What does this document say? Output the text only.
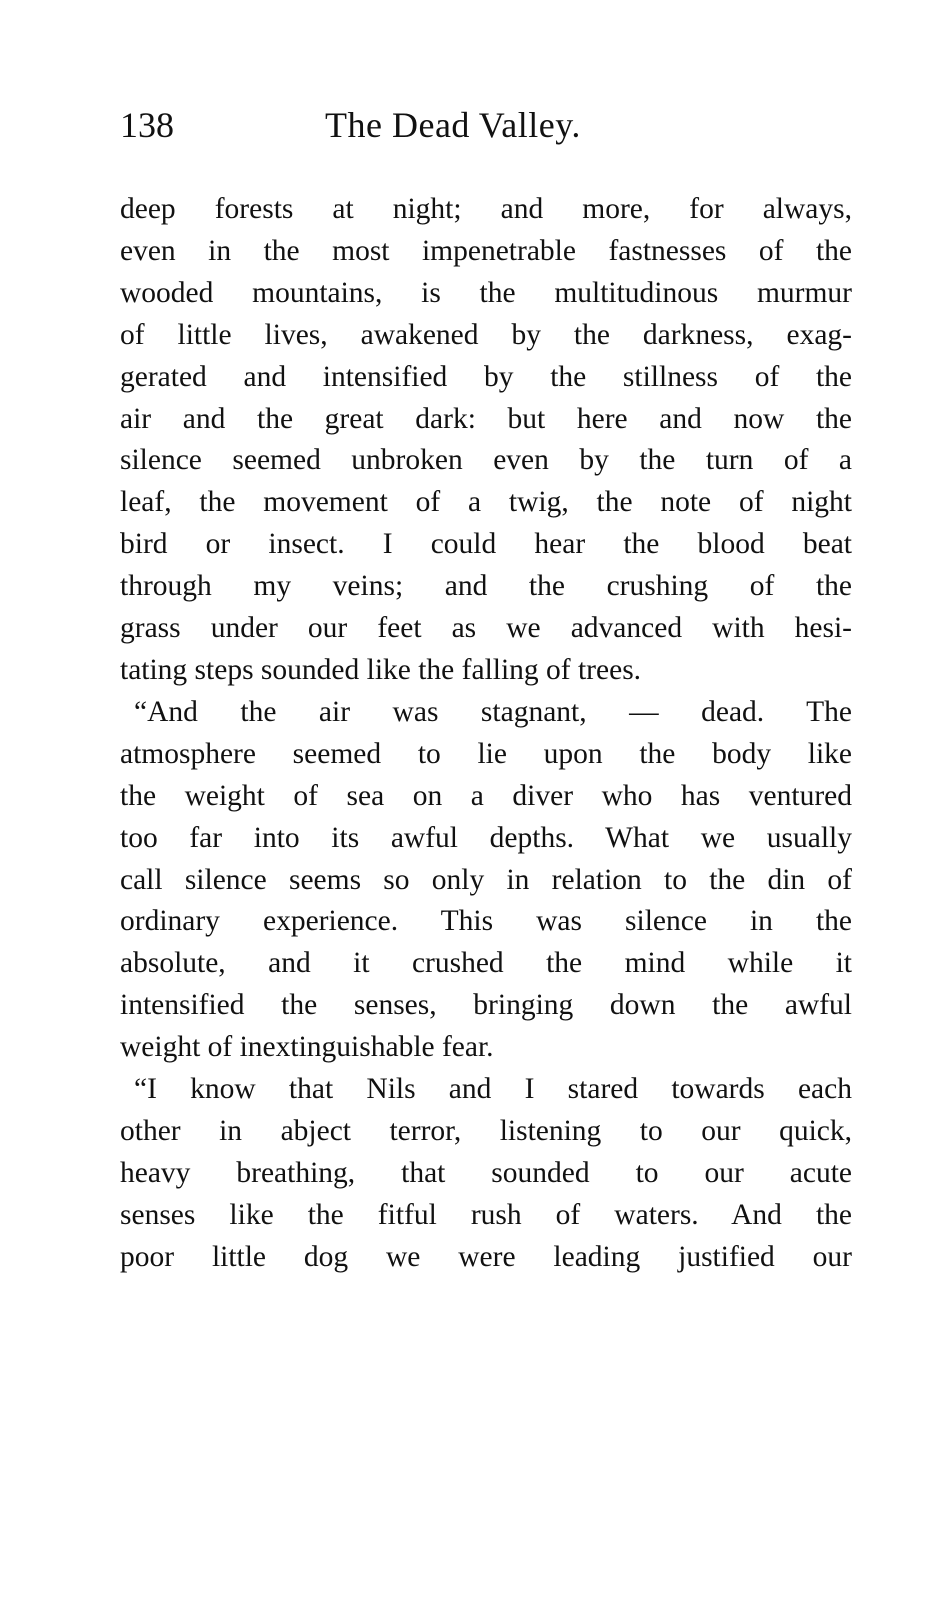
138	The Dead Valley.
deep forests at night; and more, for always,
even in the most impenetrable fastnesses of the
wooded mountains, is the multitudinous murmur
of little lives, awakened by the darkness, exag-
gerated and intensified by the stillness of the
air and the great dark: but here and now the
silence seemed unbroken even by the turn of a
leaf, the movement of a twig, the note of night
bird or insect. I could hear the blood beat
through my veins; and the crushing of the
grass under our feet as we advanced with hesi-
tating steps sounded like the falling of trees.
“And the air was stagnant, — dead. The
atmosphere seemed to lie upon the body like
the weight of sea on a diver who has ventured
too far into its awful depths. What we usually
call silence seems so only in relation to the din of
ordinary experience. This was silence in the
absolute, and it crushed the mind while it
intensified the senses, bringing down the awful
weight of inextinguishable fear.
“I know that Nils and I stared towards each
other in abject terror, listening to our quick,
heavy breathing, that sounded to our acute
senses like the fitful rush of waters. And the
poor little dog we were leading justified our
